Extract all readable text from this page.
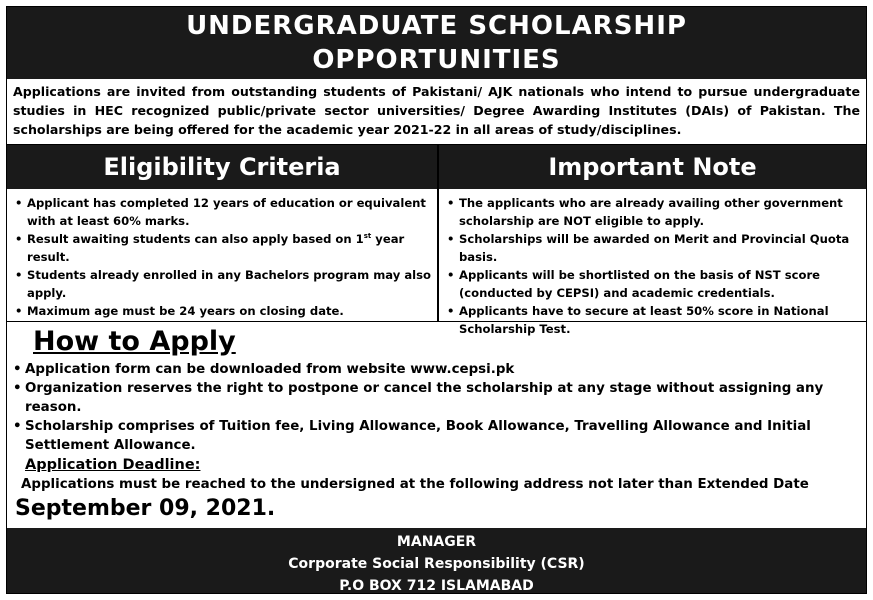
UNDERGRADUATE SCHOLARSHIP
OPPORTUNITIES
Applications are invited from outstanding students of Pakistani/ AJK nationals who intend to pursue undergraduate studies in HEC recognized public/private sector universities/ Degree Awarding Institutes (DAIs) of Pakistan. The scholarships are being offered for the academic year 2021-22 in all areas of study/disciplines.
Eligibility Criteria
• Applicant has completed 12 years of education or equivalent with at least 60% marks.
• Result awaiting students can also apply based on 1st year result.
• Students already enrolled in any Bachelors program may also apply.
• Maximum age must be 24 years on closing date.
Important Note
• The applicants who are already availing other government scholarship are NOT eligible to apply.
• Scholarships will be awarded on Merit and Provincial Quota basis.
• Applicants will be shortlisted on the basis of NST score (conducted by CEPSI) and academic credentials.
• Applicants have to secure at least 50% score in National Scholarship Test.
How to Apply
• Application form can be downloaded from website www.cepsi.pk
• Organization reserves the right to postpone or cancel the scholarship at any stage without assigning any reason.
• Scholarship comprises of Tuition fee, Living Allowance, Book Allowance, Travelling Allowance and Initial Settlement Allowance.
Application Deadline:
Applications must be reached to the undersigned at the following address not later than Extended Date
September 09, 2021.
MANAGER
Corporate Social Responsibility (CSR)
P.O BOX 712 ISLAMABAD
